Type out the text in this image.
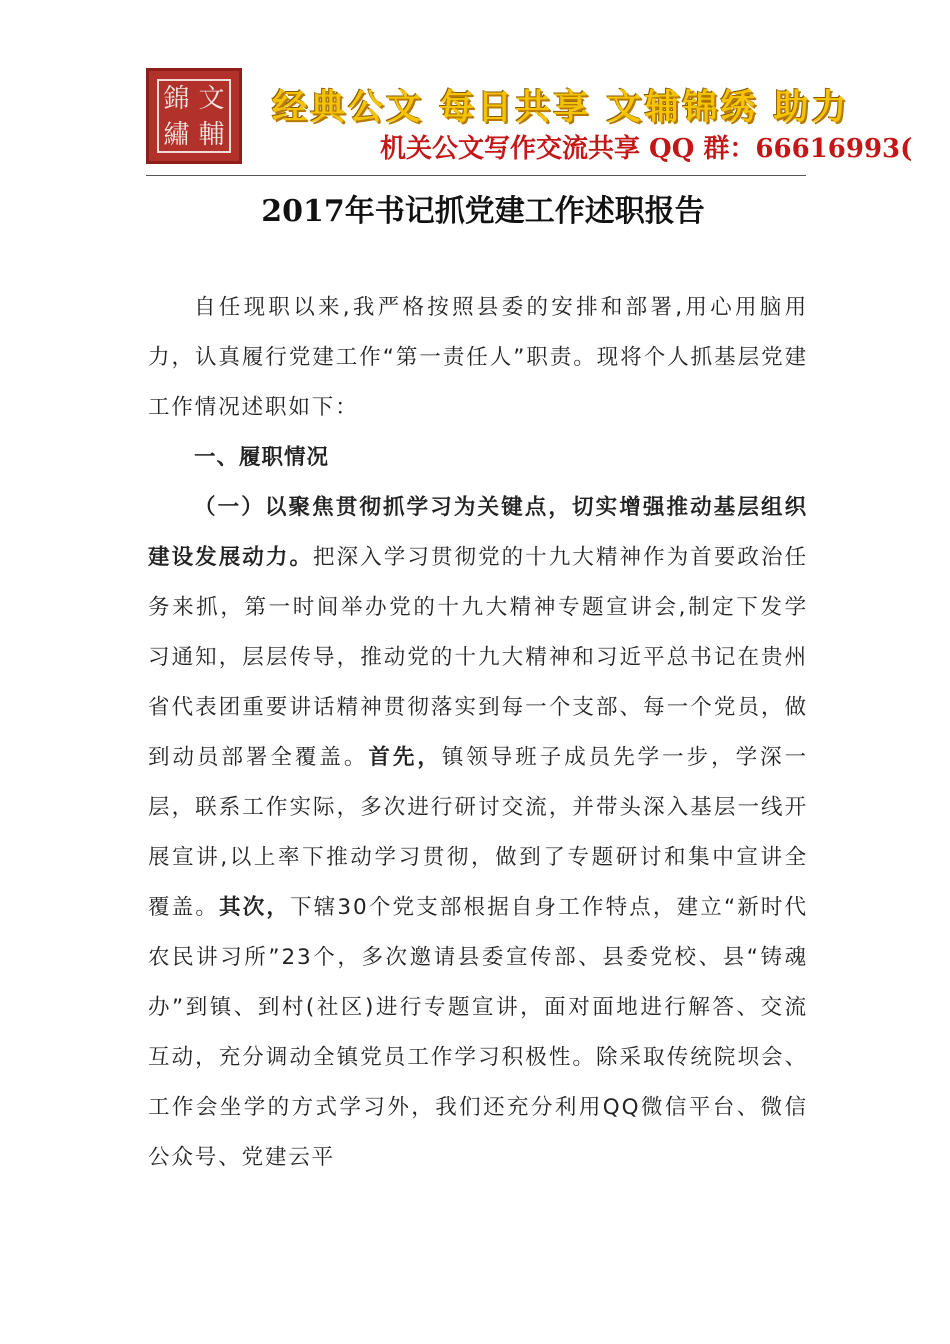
錦 文
繡 輔
经典公文 每日共享 文辅锦绣 助力
机关公文写作交流共享 QQ 群：66616993(
2017年书记抓党建工作述职报告

自任现职以来,我严格按照县委的安排和部署,用心用脑用力，认真履行党建工作“第一责任人”职责。现将个人抓基层党建工作情况述职如下：

一、履职情况

（一）以聚焦贯彻抓学习为关键点，切实增强推动基层组织建设发展动力。把深入学习贯彻党的十九大精神作为首要政治任务来抓，第一时间举办党的十九大精神专题宣讲会,制定下发学习通知，层层传导，推动党的十九大精神和习近平总书记在贵州省代表团重要讲话精神贯彻落实到每一个支部、每一个党员，做到动员部署全覆盖。首先，镇领导班子成员先学一步，学深一层，联系工作实际，多次进行研讨交流，并带头深入基层一线开展宣讲,以上率下推动学习贯彻，做到了专题研讨和集中宣讲全覆盖。其次，下辖30个党支部根据自身工作特点，建立“新时代农民讲习所”23个，多次邀请县委宣传部、县委党校、县“铸魂办”到镇、到村(社区)进行专题宣讲，面对面地进行解答、交流互动，充分调动全镇党员工作学习积极性。除采取传统院坝会、工作会坐学的方式学习外，我们还充分利用QQ微信平台、微信公众号、党建云平
